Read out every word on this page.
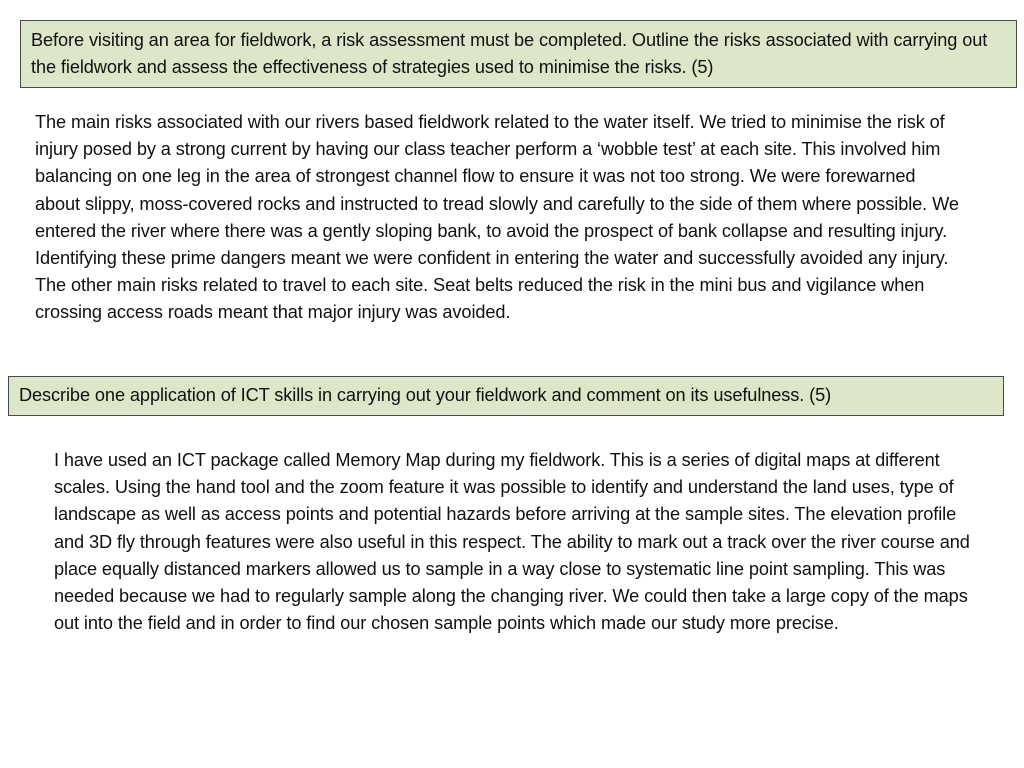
Before visiting an area for fieldwork, a risk assessment must be completed. Outline the risks associated with carrying out the fieldwork and assess the effectiveness of strategies used to minimise the risks. (5)

The main risks associated with our rivers based fieldwork related to the water itself. We tried to minimise the risk of injury posed by a strong current by having our class teacher perform a ‘wobble test’ at each site. This involved him balancing on one leg in the area of strongest channel flow to ensure it was not too strong. We were forewarned about slippy, moss-covered rocks and instructed to tread slowly and carefully to the side of them where possible. We entered the river where there was a gently sloping bank, to avoid the prospect of bank collapse and resulting injury. Identifying these prime dangers meant we were confident in entering the water and successfully avoided any injury. The other main risks related to travel to each site. Seat belts reduced the risk in the mini bus and vigilance when crossing access roads meant that major injury was avoided.

Describe one application of ICT skills in carrying out your fieldwork and comment on its usefulness. (5)

I have used an ICT package called Memory Map during my fieldwork. This is a series of digital maps at different scales. Using the hand tool and the zoom feature it was possible to identify and understand the land uses, type of landscape as well as access points and potential hazards before arriving at the sample sites. The elevation profile and 3D fly through features were also useful in this respect. The ability to mark out a track over the river course and place equally distanced markers allowed us to sample in a way close to systematic line point sampling. This was needed because we had to regularly sample along the changing river. We could then take a large copy of the maps out into the field and in order to find our chosen sample points which made our study more precise.
